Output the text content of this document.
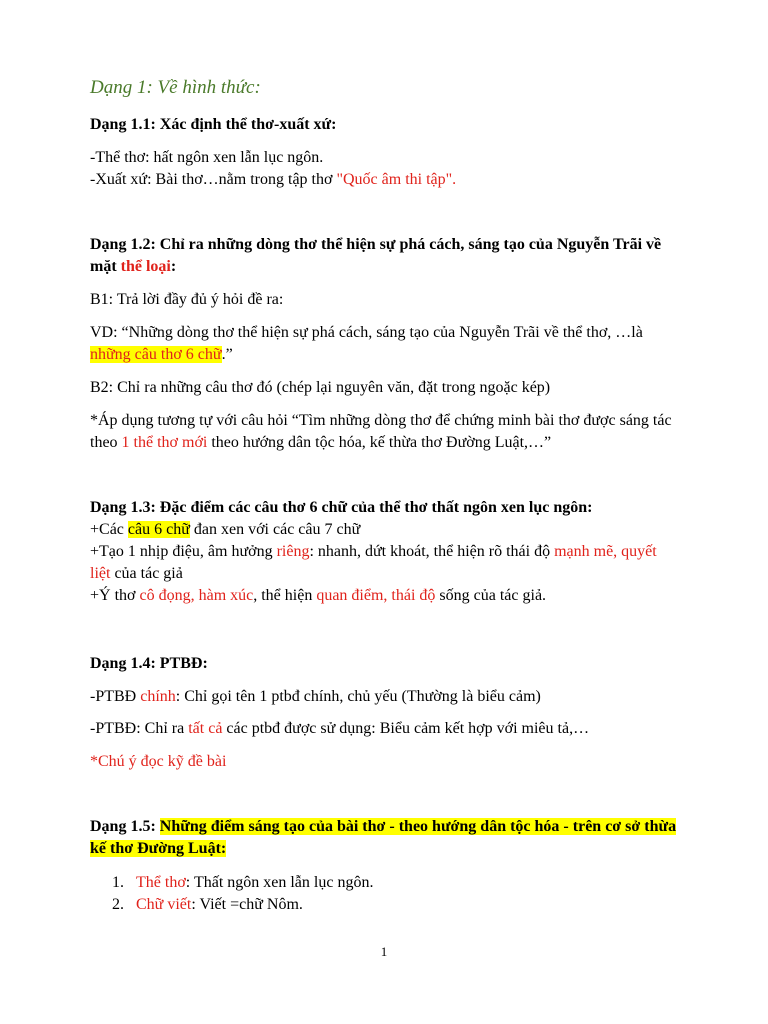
Dạng 1: Về hình thức:
Dạng 1.1: Xác định thể thơ-xuất xứ:
-Thể thơ: hất ngôn xen lẫn lục ngôn.
-Xuất xứ: Bài thơ…nằm trong tập thơ "Quốc âm thi tập".
Dạng 1.2: Chỉ ra những dòng thơ thể hiện sự phá cách, sáng tạo của Nguyễn Trãi về mặt thể loại:
B1: Trả lời đầy đủ ý hỏi đề ra:
VD: “Những dòng thơ thể hiện sự phá cách, sáng tạo của Nguyễn Trãi về thể thơ, …là những câu thơ 6 chữ.”
B2: Chỉ ra những câu thơ đó (chép lại nguyên văn, đặt trong ngoặc kép)
*Áp dụng tương tự với câu hỏi “Tìm những dòng thơ để chứng minh bài thơ được sáng tác theo 1 thể thơ mới theo hướng dân tộc hóa, kế thừa thơ Đường Luật,…”
Dạng 1.3: Đặc điểm các câu thơ 6 chữ của thể thơ thất ngôn xen lục ngôn:
+Các câu 6 chữ đan xen với các câu 7 chữ
+Tạo 1 nhịp điệu, âm hưởng riêng: nhanh, dứt khoát, thể hiện rõ thái độ mạnh mẽ, quyết liệt của tác giả
+Ý thơ cô đọng, hàm xúc, thể hiện quan điểm, thái độ sống của tác giả.
Dạng 1.4: PTBĐ:
-PTBĐ chính: Chỉ gọi tên 1 ptbđ chính, chủ yếu (Thường là biểu cảm)
-PTBĐ: Chỉ ra tất cả các ptbđ được sử dụng: Biểu cảm kết hợp với miêu tả,…
*Chú ý đọc kỹ đề bài
Dạng 1.5: Những điểm sáng tạo của bài thơ - theo hướng dân tộc hóa - trên cơ sở thừa kế thơ Đường Luật:
1. Thể thơ: Thất ngôn xen lẫn lục ngôn.
2. Chữ viết: Viết =chữ Nôm.
1
